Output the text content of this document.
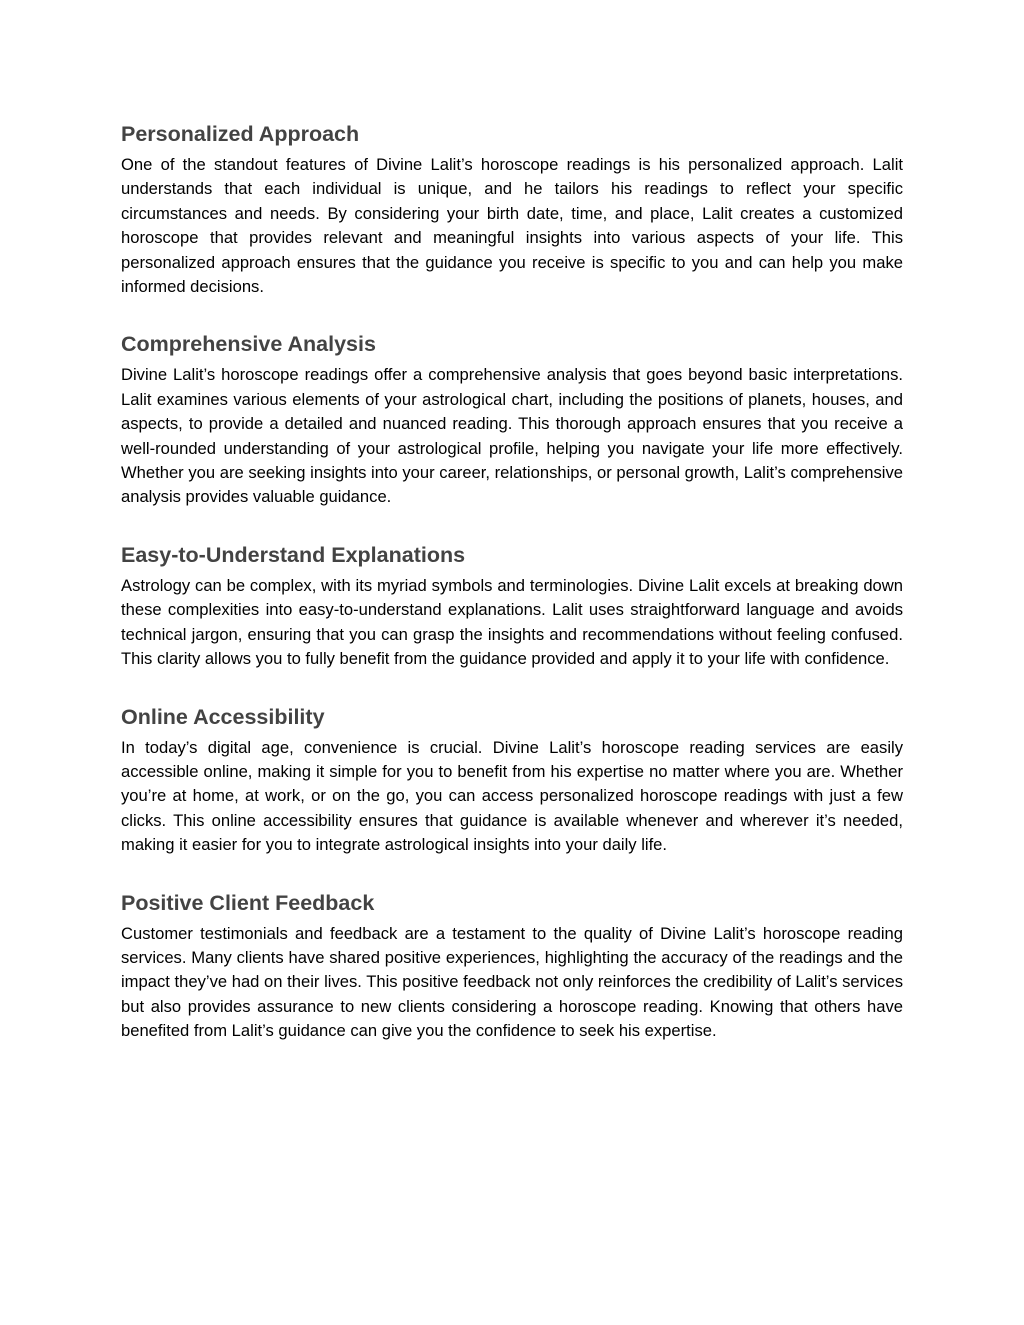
Personalized Approach

One of the standout features of Divine Lalit’s horoscope readings is his personalized approach. Lalit understands that each individual is unique, and he tailors his readings to reflect your specific circumstances and needs. By considering your birth date, time, and place, Lalit creates a customized horoscope that provides relevant and meaningful insights into various aspects of your life. This personalized approach ensures that the guidance you receive is specific to you and can help you make informed decisions.

Comprehensive Analysis

Divine Lalit’s horoscope readings offer a comprehensive analysis that goes beyond basic interpretations. Lalit examines various elements of your astrological chart, including the positions of planets, houses, and aspects, to provide a detailed and nuanced reading. This thorough approach ensures that you receive a well-rounded understanding of your astrological profile, helping you navigate your life more effectively. Whether you are seeking insights into your career, relationships, or personal growth, Lalit’s comprehensive analysis provides valuable guidance.

Easy-to-Understand Explanations

Astrology can be complex, with its myriad symbols and terminologies. Divine Lalit excels at breaking down these complexities into easy-to-understand explanations. Lalit uses straightforward language and avoids technical jargon, ensuring that you can grasp the insights and recommendations without feeling confused. This clarity allows you to fully benefit from the guidance provided and apply it to your life with confidence.

Online Accessibility

In today’s digital age, convenience is crucial. Divine Lalit’s horoscope reading services are easily accessible online, making it simple for you to benefit from his expertise no matter where you are. Whether you’re at home, at work, or on the go, you can access personalized horoscope readings with just a few clicks. This online accessibility ensures that guidance is available whenever and wherever it’s needed, making it easier for you to integrate astrological insights into your daily life.

Positive Client Feedback

Customer testimonials and feedback are a testament to the quality of Divine Lalit’s horoscope reading services. Many clients have shared positive experiences, highlighting the accuracy of the readings and the impact they’ve had on their lives. This positive feedback not only reinforces the credibility of Lalit’s services but also provides assurance to new clients considering a horoscope reading. Knowing that others have benefited from Lalit’s guidance can give you the confidence to seek his expertise.
